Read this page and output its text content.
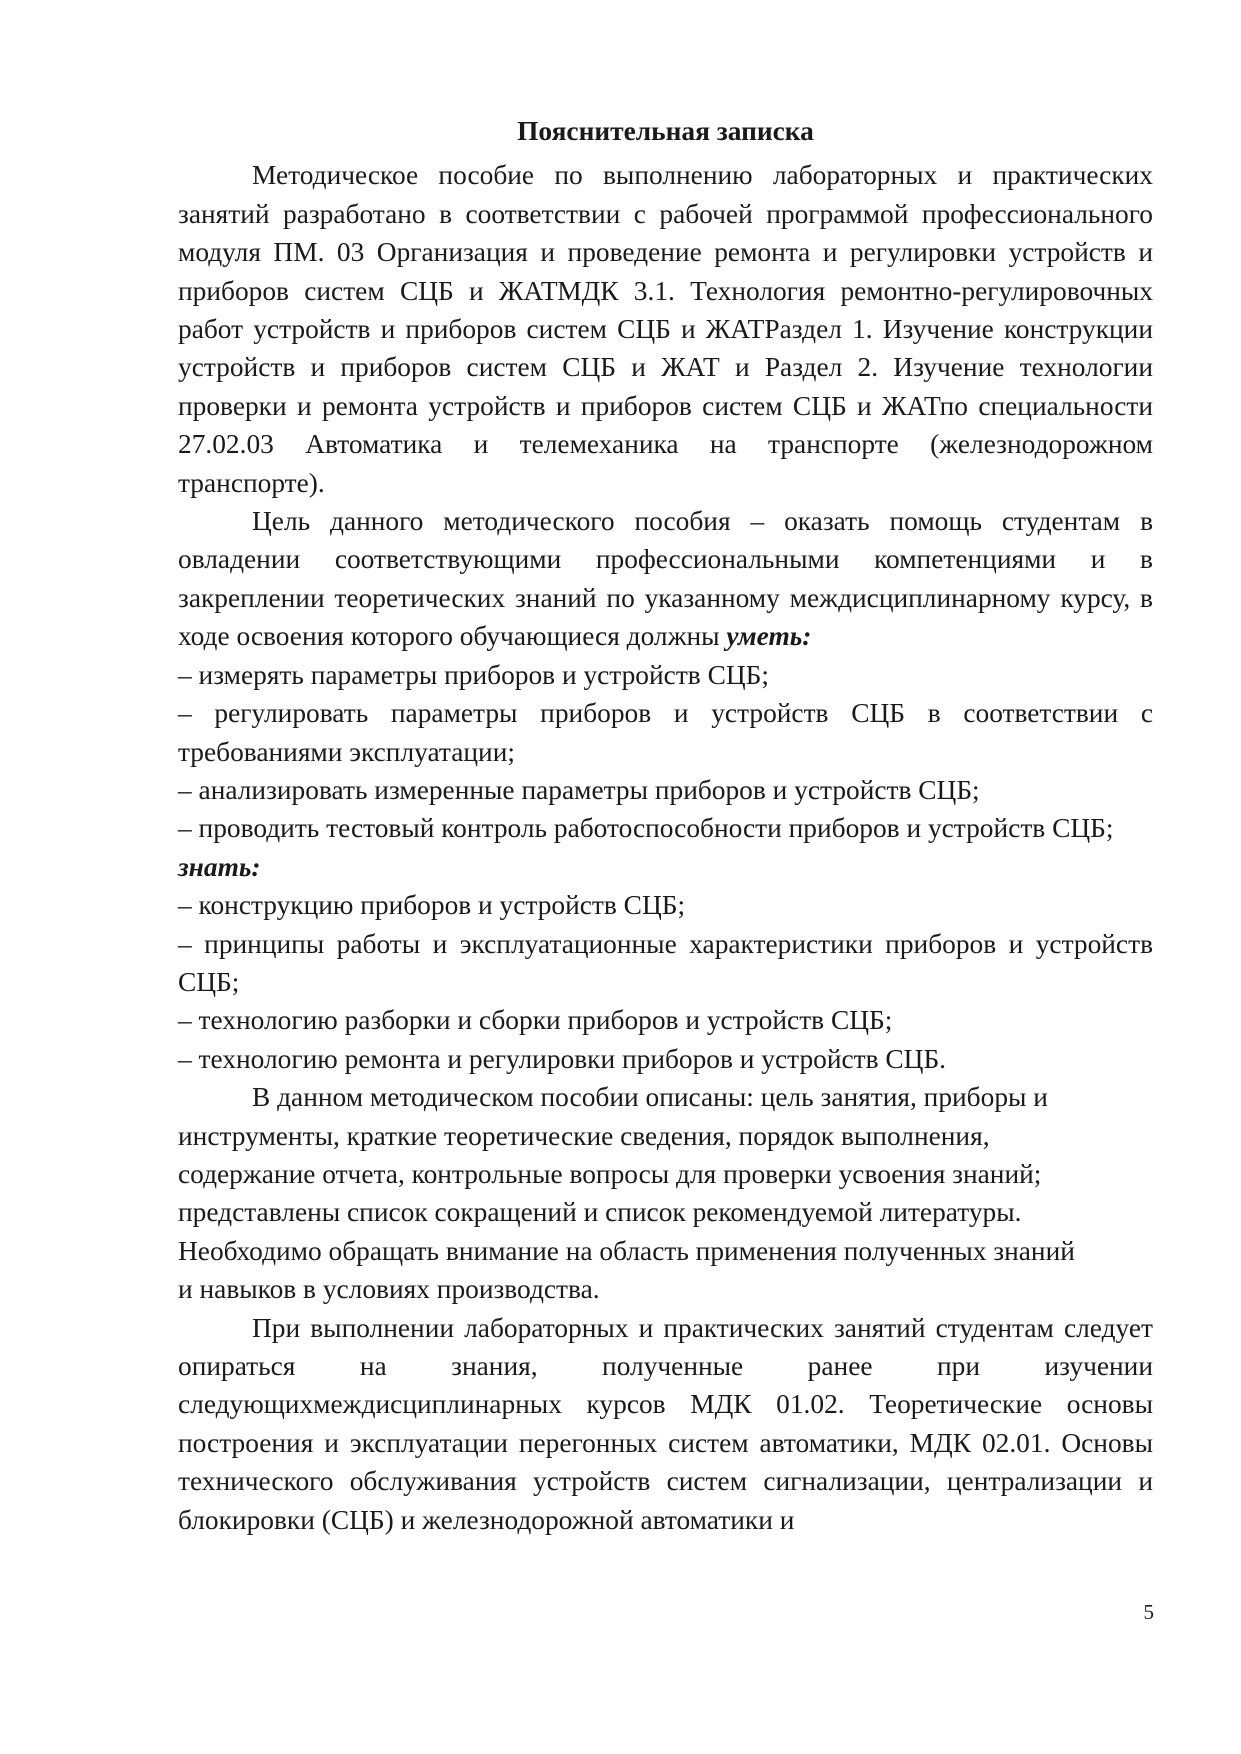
Пояснительная записка

Методическое пособие по выполнению лабораторных и практических занятий разработано в соответствии с рабочей программой профессионального модуля ПМ. 03 Организация и проведение ремонта и регулировки устройств и приборов систем СЦБ и ЖАТМДК 3.1. Технология ремонтно-регулировочных работ устройств и приборов систем СЦБ и ЖАТРаздел 1. Изучение конструкции устройств и приборов систем СЦБ и ЖАТ и Раздел 2. Изучение технологии проверки и ремонта устройств и приборов систем СЦБ и ЖАТпо специальности 27.02.03 Автоматика и телемеханика на транспорте (железнодорожном транспорте).

Цель данного методического пособия – оказать помощь студентам в овладении соответствующими профессиональными компетенциями и в закреплении теоретических знаний по указанному междисциплинарному курсу, в ходе освоения которого обучающиеся должны уметь:

– измерять параметры приборов и устройств СЦБ;

– регулировать параметры приборов и устройств СЦБ в соответствии с требованиями эксплуатации;

– анализировать измеренные параметры приборов и устройств СЦБ;

– проводить тестовый контроль работоспособности приборов и устройств СЦБ;

знать:

– конструкцию приборов и устройств СЦБ;

– принципы работы и эксплуатационные характеристики приборов и устройств СЦБ;

– технологию разборки и сборки приборов и устройств СЦБ;

– технологию ремонта и регулировки приборов и устройств СЦБ.

В данном методическом пособии описаны: цель занятия, приборы и
инструменты, краткие теоретические сведения, порядок выполнения,
содержание отчета, контрольные вопросы для проверки усвоения знаний;
представлены список сокращений и список рекомендуемой литературы.
Необходимо обращать внимание на область применения полученных знаний
и навыков в условиях производства.

При выполнении лабораторных и практических занятий студентам следует опираться на знания, полученные ранее при изучении следующихмеждисциплинарных курсов МДК 01.02. Теоретические основы построения и эксплуатации перегонных систем автоматики, МДК 02.01. Основы технического обслуживания устройств систем сигнализации, централизации и блокировки (СЦБ) и железнодорожной автоматики и

5
